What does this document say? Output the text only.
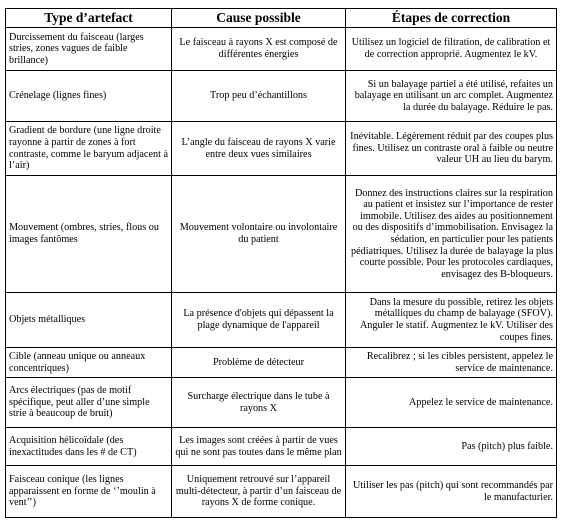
Type d’artefact	Cause possible	Étapes de correction
Durcissement du faisceau (larges stries, zones vagues de faible brillance)	Le faisceau à rayons X est composé de différentes énergies	Utilisez un logiciel de filtration, de calibration et de correction approprié. Augmentez le kV.
Crénelage (lignes fines)	Trop peu d’échantillons	Si un balayage partiel a été utilisé, refaites un balayage en utilisant un arc complet. Augmentez la durée du balayage. Réduire le pas.
Gradient de bordure (une ligne droite rayonne à partir de zones à fort contraste, comme le baryum adjacent à l’air)	L’angle du faisceau de rayons X varie entre deux vues similaires	Inévitable. Légèrement réduit par des coupes plus fines. Utilisez un contraste oral à faible ou neutre valeur UH au lieu du barym.
Mouvement (ombres, stries, flous ou images fantômes	Mouvement volontaire ou involontaire du patient	Donnez des instructions claires sur la respiration au patient et insistez sur l’importance de rester immobile. Utilisez des aides au positionnement ou des dispositifs d’immobilisation. Envisagez la sédation, en particulier pour les patients pédiatriques. Utilisez la durée de balayage la plus courte possible. Pour les protocoles cardiaques, envisagez des B-bloqueurs.
Objets métalliques	La présence d'objets qui dépassent la plage dynamique de l'appareil	Dans la mesure du possible, retirez les objets métalliques du champ de balayage (SFOV). Anguler le statif. Augmentez le kV. Utiliser des coupes fines.
Cible (anneau unique ou anneaux concentriques)	Problème de détecteur	Recalibrez ; si les cibles persistent, appelez le service de maintenance.
Arcs électriques (pas de motif spécifique, peut aller d’une simple strie à beaucoup de bruit)	Surcharge électrique dans le tube à rayons X	Appelez le service de maintenance.
Acquisition hélicoïdale (des inexactitudes dans les # de CT)	Les images sont créées à partir de vues qui ne sont pas toutes dans le même plan	Pas (pitch) plus faible.
Faisceau conique (les lignes apparaissent en forme de ‘’moulin à vent’’)	Uniquement retrouvé sur l’appareil multi-détecteur, à partir d’un faisceau de rayons X de forme conique.	Utiliser les pas (pitch) qui sont recommandés par le manufacturier.
